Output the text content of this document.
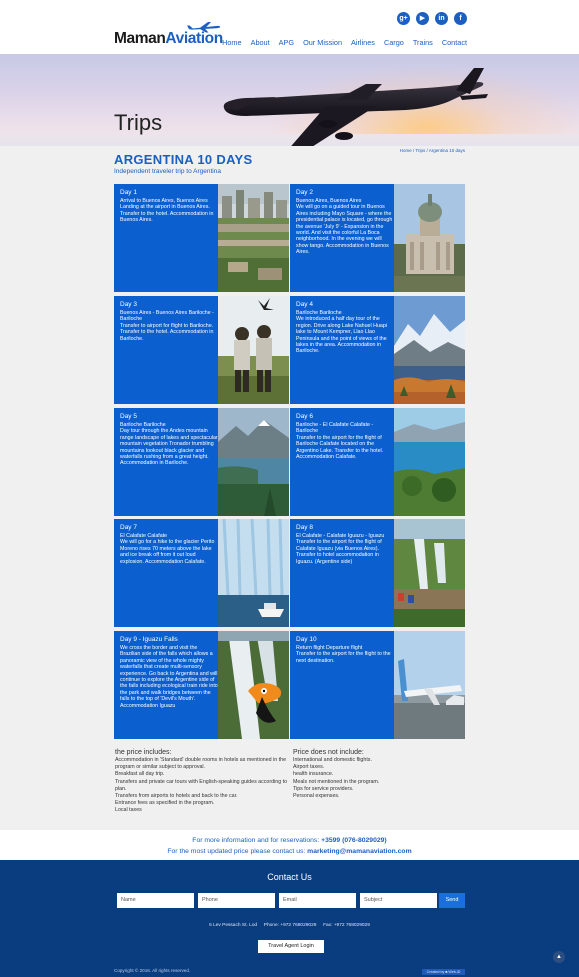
MamanAviation
g+	▶	in	f
Home About APG Our Mission Airlines Cargo Trains Contact
Trips
Home / Trips / Argentina 10 days
ARGENTINA 10 DAYS
Independent traveler trip to Argentina
Day 1
Arrival to Buenos Aires, Buenos Aires
Landing at the airport in Buenos Aires. Transfer to the hotel. Accommodation in Buenos Aires.
Day 2
Buenos Aires, Buenos Aires
We will go on a guided tour in Buenos Aires including Mayo Square - where the presidential palace is located, go through the avenue 'July 9' - Expansion in the world. And visit the colorful La Boca neighborhood. In the evening we will show tango. Accommodation in Buenos Aires.
Day 3
Buenos Aires - Buenos Aires Bariloche - Bariloche
Transfer to airport for flight to Bariloche. Transfer to the hotel. Accommodation in Bariloche.
Day 4
Bariloche Bariloche
We introduced a half day tour of the region. Drive along Lake Nahuel Huapi lake to Mount Kempner, Llao Llao Peninsula and the point of views of the lakes in the area. Accommodation in Bariloche.
Day 5
Bariloche Bariloche
Day tour through the Andes mountain range landscape of lakes and spectacular mountain vegetation Tronador trumbling mountains lookout black glacier and waterfalls rushing from a great height. Accommodation in Bariloche.
Day 6
Bariloche - El Calafate Calafate - Bariloche
Transfer to the airport for the flight of Bariloche Calafate located on the Argentino Lake. Transfer to the hotel. Accommodation Calafate.
Day 7
El Calafate Calafate
We will go for a hike to the glacier Perito Moreno rises 70 meters above the lake and ice break off from it out loud explosion. Accommodation Calafate.
Day 8
El Calafate - Calafate Iguazu - Iguazu
Transfer to the airport for the flight of Calafate Iguazu (via Buenos Aires). Transfer to hotel accommodation in Iguazu. (Argentine side)
Day 9 - Iguazu Falls
We cross the border and visit the Brazilian side of the falls which allows a panoramic view of the whole mighty waterfalls that create multi-sensory experience. Go back to Argentina and will continue to explore the Argentine side of the falls including ecological train ride into the park and walk bridges between the falls to the top of 'Devil's Mouth'. Accommodation Iguazu
Day 10
Return flight Departure flight
Transfer to the airport for the flight to the next destination.
the price includes:
Accommodation in 'Standard' double rooms in hotels as mentioned in the program or similar subject to approval.
Breakfast all day trip.
Transfers and private car tours with English-speaking guides according to plan.
Transfers from airports to hotels and back to the car.
Entrance fees as specified in the program.
Local taxes
Price does not include:
International and domestic flights.
Airport taxes.
health insurance.
Meals not mentioned in the program.
Tips for service providers.
Personal expenses.
For more information and for reservations: +3599 (076-8029029)
For the most updated price please contact us: marketing@mamanaviation.com
Contact Us
Name	Phone	Email	Subject	Send
5 Lev Pessach St. Lod     Phone: +972 768029029     Fax: +972 768029029
Travel Agent Login
▲
Copyright © 2016. All rights reserved.	Created by ■ Web-iD
